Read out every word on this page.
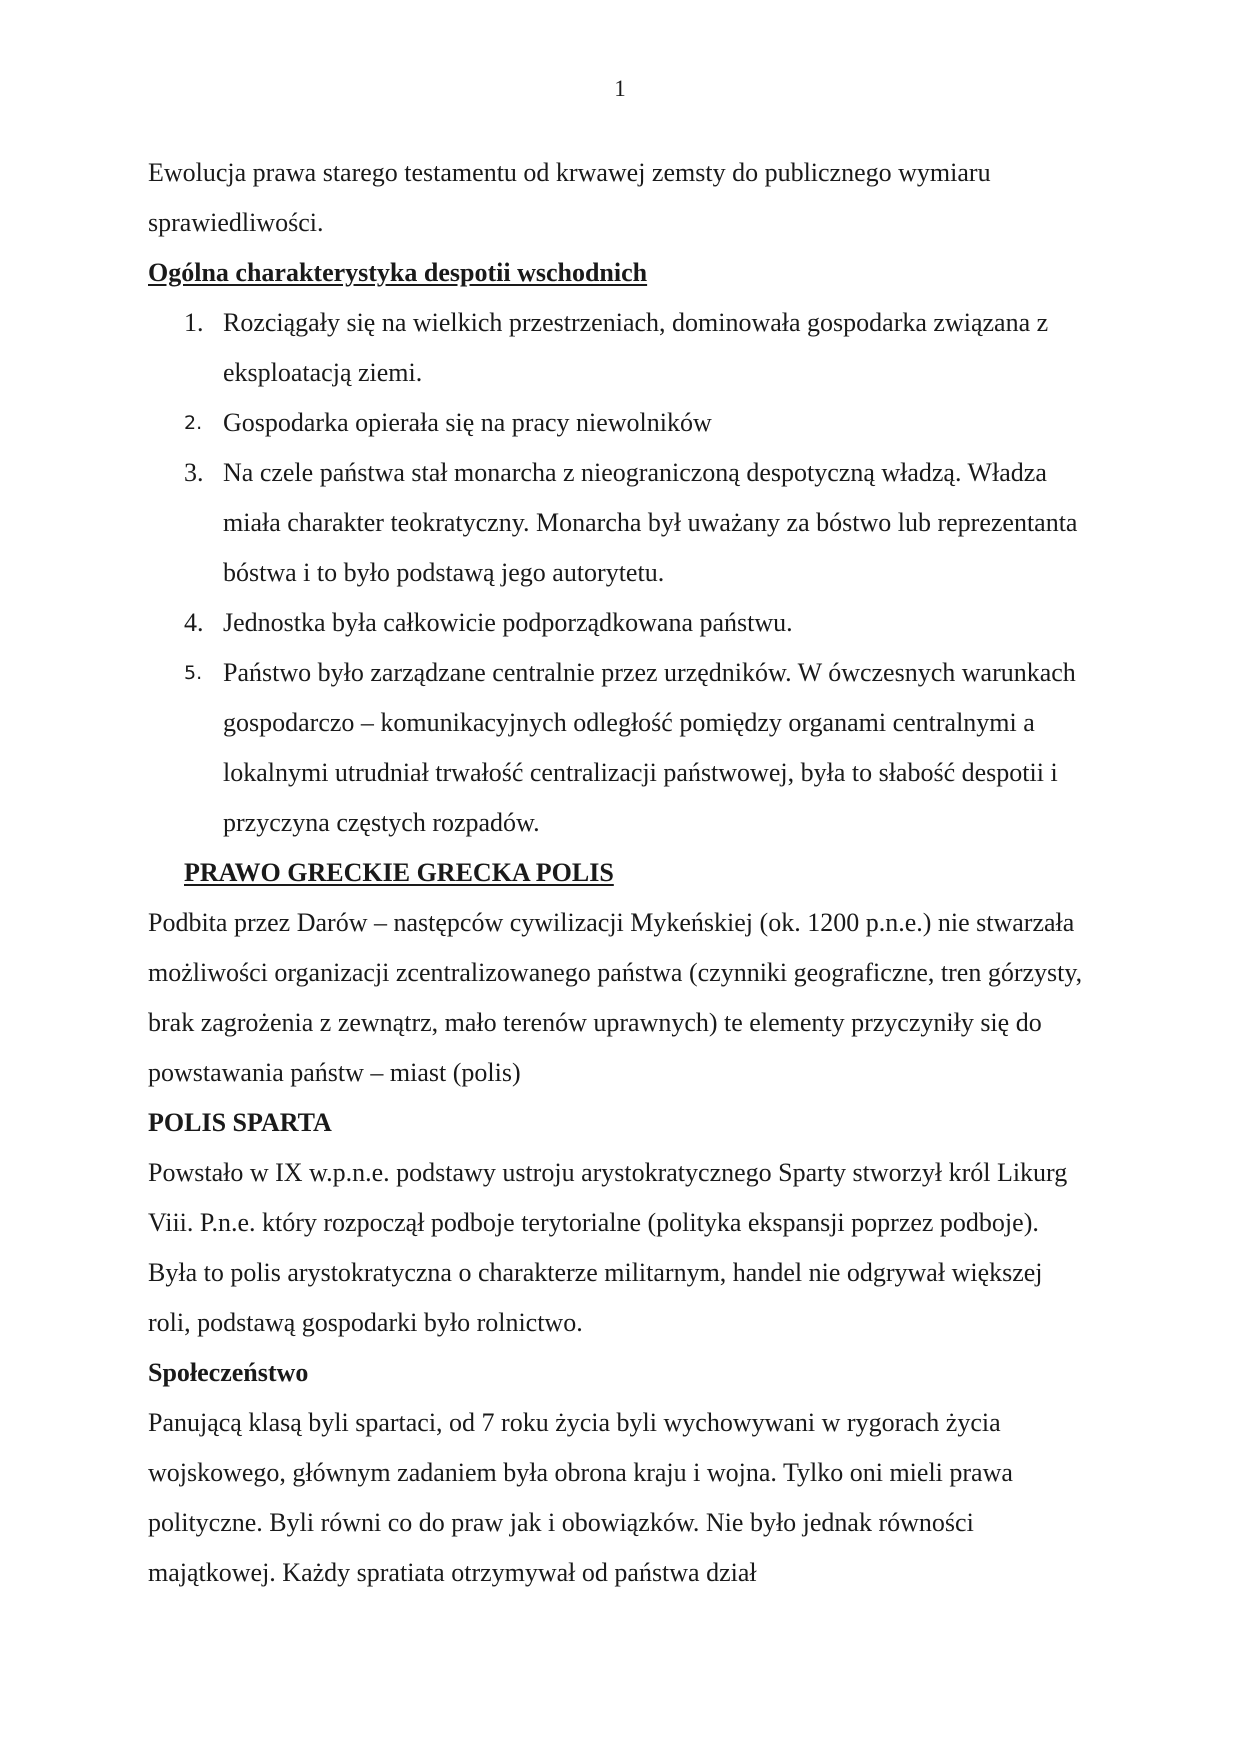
1

Ewolucja prawa starego testamentu od krwawej zemsty do publicznego wymiaru sprawiedliwości.

Ogólna charakterystyka despotii wschodnich

1. Rozciągały się na wielkich przestrzeniach, dominowała gospodarka związana z eksploatacją ziemi.
2. Gospodarka opierała się na pracy niewolników
3. Na czele państwa stał monarcha z nieograniczoną despotyczną władzą. Władza miała charakter teokratyczny. Monarcha był uważany za bóstwo lub reprezentanta bóstwa i to było podstawą jego autorytetu.
4. Jednostka była całkowicie podporządkowana państwu.
5. Państwo było zarządzane centralnie przez urzędników. W ówczesnych warunkach gospodarczo – komunikacyjnych odległość pomiędzy organami centralnymi a lokalnymi utrudniał trwałość centralizacji państwowej, była to słabość despotii i przyczyna częstych rozpadów.

PRAWO GRECKIE GRECKA POLIS

Podbita przez Darów – następców cywilizacji Mykeńskiej (ok. 1200 p.n.e.) nie stwarzała możliwości organizacji zcentralizowanego państwa (czynniki geograficzne, tren górzysty, brak zagrożenia z zewnątrz, mało terenów uprawnych) te elementy przyczyniły się do powstawania państw – miast (polis)

POLIS SPARTA

Powstało w IX w.p.n.e. podstawy ustroju arystokratycznego Sparty stworzył król Likurg Viii. P.n.e. który rozpoczął podboje terytorialne (polityka ekspansji poprzez podboje). Była to polis arystokratyczna o charakterze militarnym, handel nie odgrywał większej roli, podstawą gospodarki było rolnictwo.

Społeczeństwo

Panującą klasą byli spartaci, od 7 roku życia byli wychowywani w rygorach życia wojskowego, głównym zadaniem była obrona kraju i wojna. Tylko oni mieli prawa polityczne. Byli równi co do praw jak i obowiązków. Nie było jednak równości majątkowej. Każdy spratiata otrzymywał od państwa dział
